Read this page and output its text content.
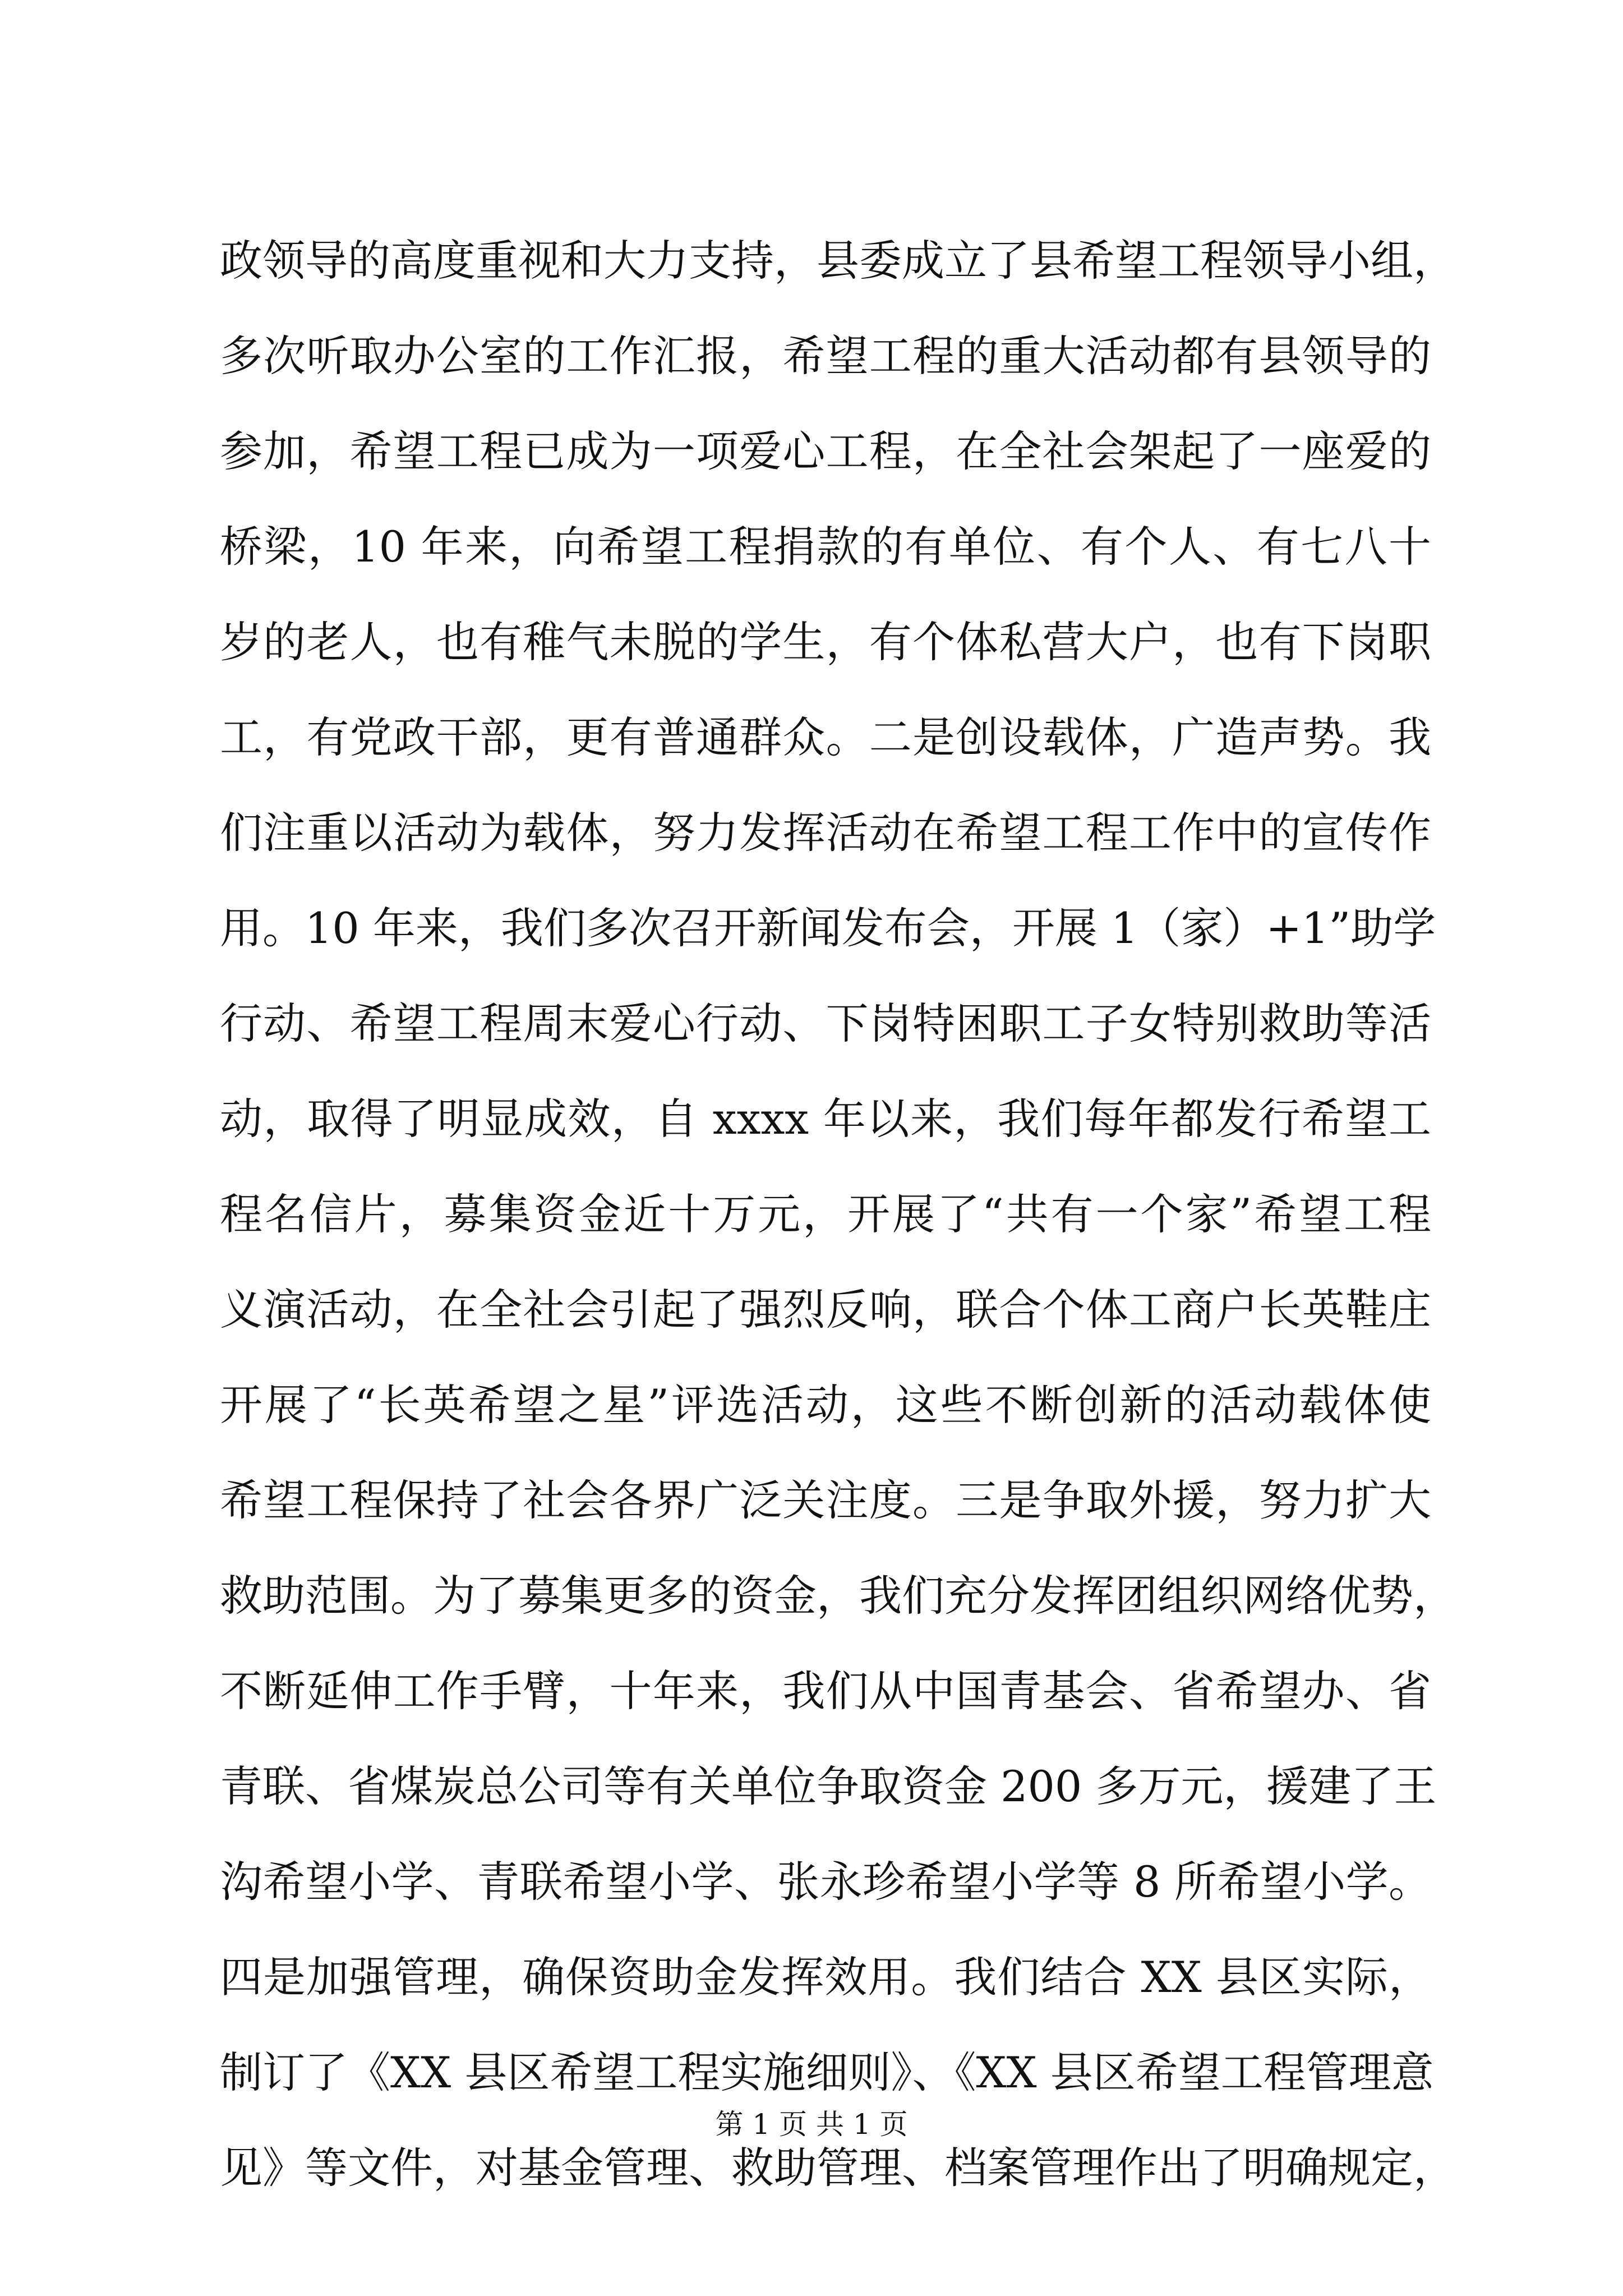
政领导的高度重视和大力支持，县委成立了县希望工程领导小组，
多次听取办公室的工作汇报，希望工程的重大活动都有县领导的
参加，希望工程已成为一项爱心工程，在全社会架起了一座爱的
桥梁，10 年来，向希望工程捐款的有单位、有个人、有七八十
岁的老人，也有稚气未脱的学生，有个体私营大户，也有下岗职
工，有党政干部，更有普通群众。二是创设载体，广造声势。我
们注重以活动为载体，努力发挥活动在希望工程工作中的宣传作
用。10 年来，我们多次召开新闻发布会，开展 1（家）+1”助学
行动、希望工程周末爱心行动、下岗特困职工子女特别救助等活
动，取得了明显成效，自 xxxx 年以来，我们每年都发行希望工
程名信片，募集资金近十万元，开展了“共有一个家”希望工程
义演活动，在全社会引起了强烈反响，联合个体工商户长英鞋庄
开展了“长英希望之星”评选活动，这些不断创新的活动载体使
希望工程保持了社会各界广泛关注度。三是争取外援，努力扩大
救助范围。为了募集更多的资金，我们充分发挥团组织网络优势，
不断延伸工作手臂，十年来，我们从中国青基会、省希望办、省
青联、省煤炭总公司等有关单位争取资金 200 多万元，援建了王
沟希望小学、青联希望小学、张永珍希望小学等 8 所希望小学。
四是加强管理，确保资助金发挥效用。我们结合 XX 县区实际，
制订了《XX 县区希望工程实施细则》、《XX 县区希望工程管理意
见》等文件，对基金管理、救助管理、档案管理作出了明确规定，
第 1 页 共 1 页
